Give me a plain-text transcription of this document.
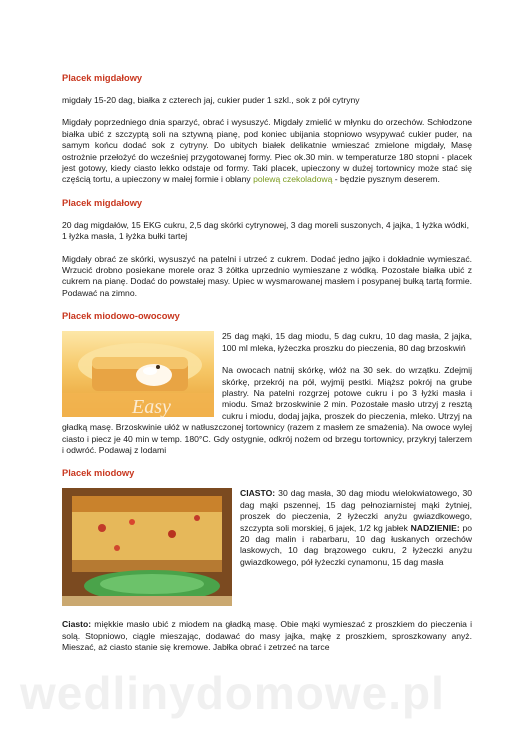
Placek migdałowy

migdały 15-20 dag, białka z czterech jaj, cukier puder 1 szkl., sok z pół cytryny

Migdały poprzedniego dnia sparzyć, obrać i wysuszyć. Migdały zmielić w młynku do orzechów. Schłodzone białka ubić z szczyptą soli na sztywną pianę, pod koniec ubijania stopniowo wsypywać cukier puder, na samym końcu dodać sok z cytryny. Do ubitych białek delikatnie wmieszać zmielone migdały, Masę ostrożnie przełożyć do wcześniej przygotowanej formy. Piec ok.30 min. w temperaturze 180 stopni - placek jest gotowy, kiedy ciasto lekko odstaje od formy. Taki placek, upieczony w dużej tortownicy może stać się częścią tortu, a upieczony w małej formie i oblany polewą czekoladową - będzie pysznym deserem.

Placek migdałowy

20 dag migdałów, 15 EKG cukru, 2,5 dag skórki cytrynowej, 3 dag moreli suszonych, 4 jajka, 1 łyżka wódki, 1 łyżka masła, 1 łyżka bułki tartej

Migdały obrać ze skórki, wysuszyć na patelni i utrzeć z cukrem. Dodać jedno jajko i dokładnie wymieszać. Wrzucić drobno posiekane morele oraz 3 żółtka uprzednio wymieszane z wódką. Pozostałe białka ubić z cukrem na pianę. Dodać do powstałej masy. Upiec w wysmarowanej masłem i posypanej bułką tartą formie. Podawać na zimno.

Placek miodowo-owocowy
Easy

25 dag mąki, 15 dag miodu, 5 dag cukru, 10 dag masła, 2 jajka, 100 ml mleka, łyżeczka proszku do pieczenia, 80 dag brzoskwiń

Na owocach natnij skórkę, włóż na 30 sek. do wrzątku. Zdejmij skórkę, przekrój na pół, wyjmij pestki. Miąższ pokrój na grube plastry. Na patelni rozgrzej potowe cukru i po 3 łyżki masła i miodu. Smaż brzoskwinie 2 min. Pozostałe masło utrzyj z resztą cukru i miodu, dodaj jajka, proszek do pieczenia, mleko. Utrzyj na gładką masę. Brzoskwinie ułóż w natłuszczonej tortownicy (razem z masłem ze smażenia). Na owoce wylej ciasto i piecz je 40 min w temp. 180°C. Gdy ostygnie, odkrój nożem od brzegu tortownicy, przykryj talerzem i odwróć. Podawaj z lodami

Placek miodowy

CIASTO: 30 dag masła, 30 dag miodu wielokwiatowego, 30 dag mąki pszennej, 15 dag pełnoziarnistej mąki żytniej, proszek do pieczenia, 2 łyżeczki anyżu gwiazdkowego, szczypta soli morskiej, 6 jajek, 1/2 kg jabłek NADZIENIE: po 20 dag malin i rabarbaru, 10 dag łuskanych orzechów laskowych, 10 dag brązowego cukru, 2 łyżeczki anyżu gwiazdkowego, pół łyżeczki cynamonu, 15 dag masła

Ciasto: miękkie masło ubić z miodem na gładką masę. Obie mąki wymieszać z proszkiem do pieczenia i solą. Stopniowo, ciągle mieszając, dodawać do masy jajka, mąkę z proszkiem, sproszkowany anyż. Mieszać, aż ciasto stanie się kremowe. Jabłka obrać i zetrzeć na tarce

wedlinydomowe.pl
